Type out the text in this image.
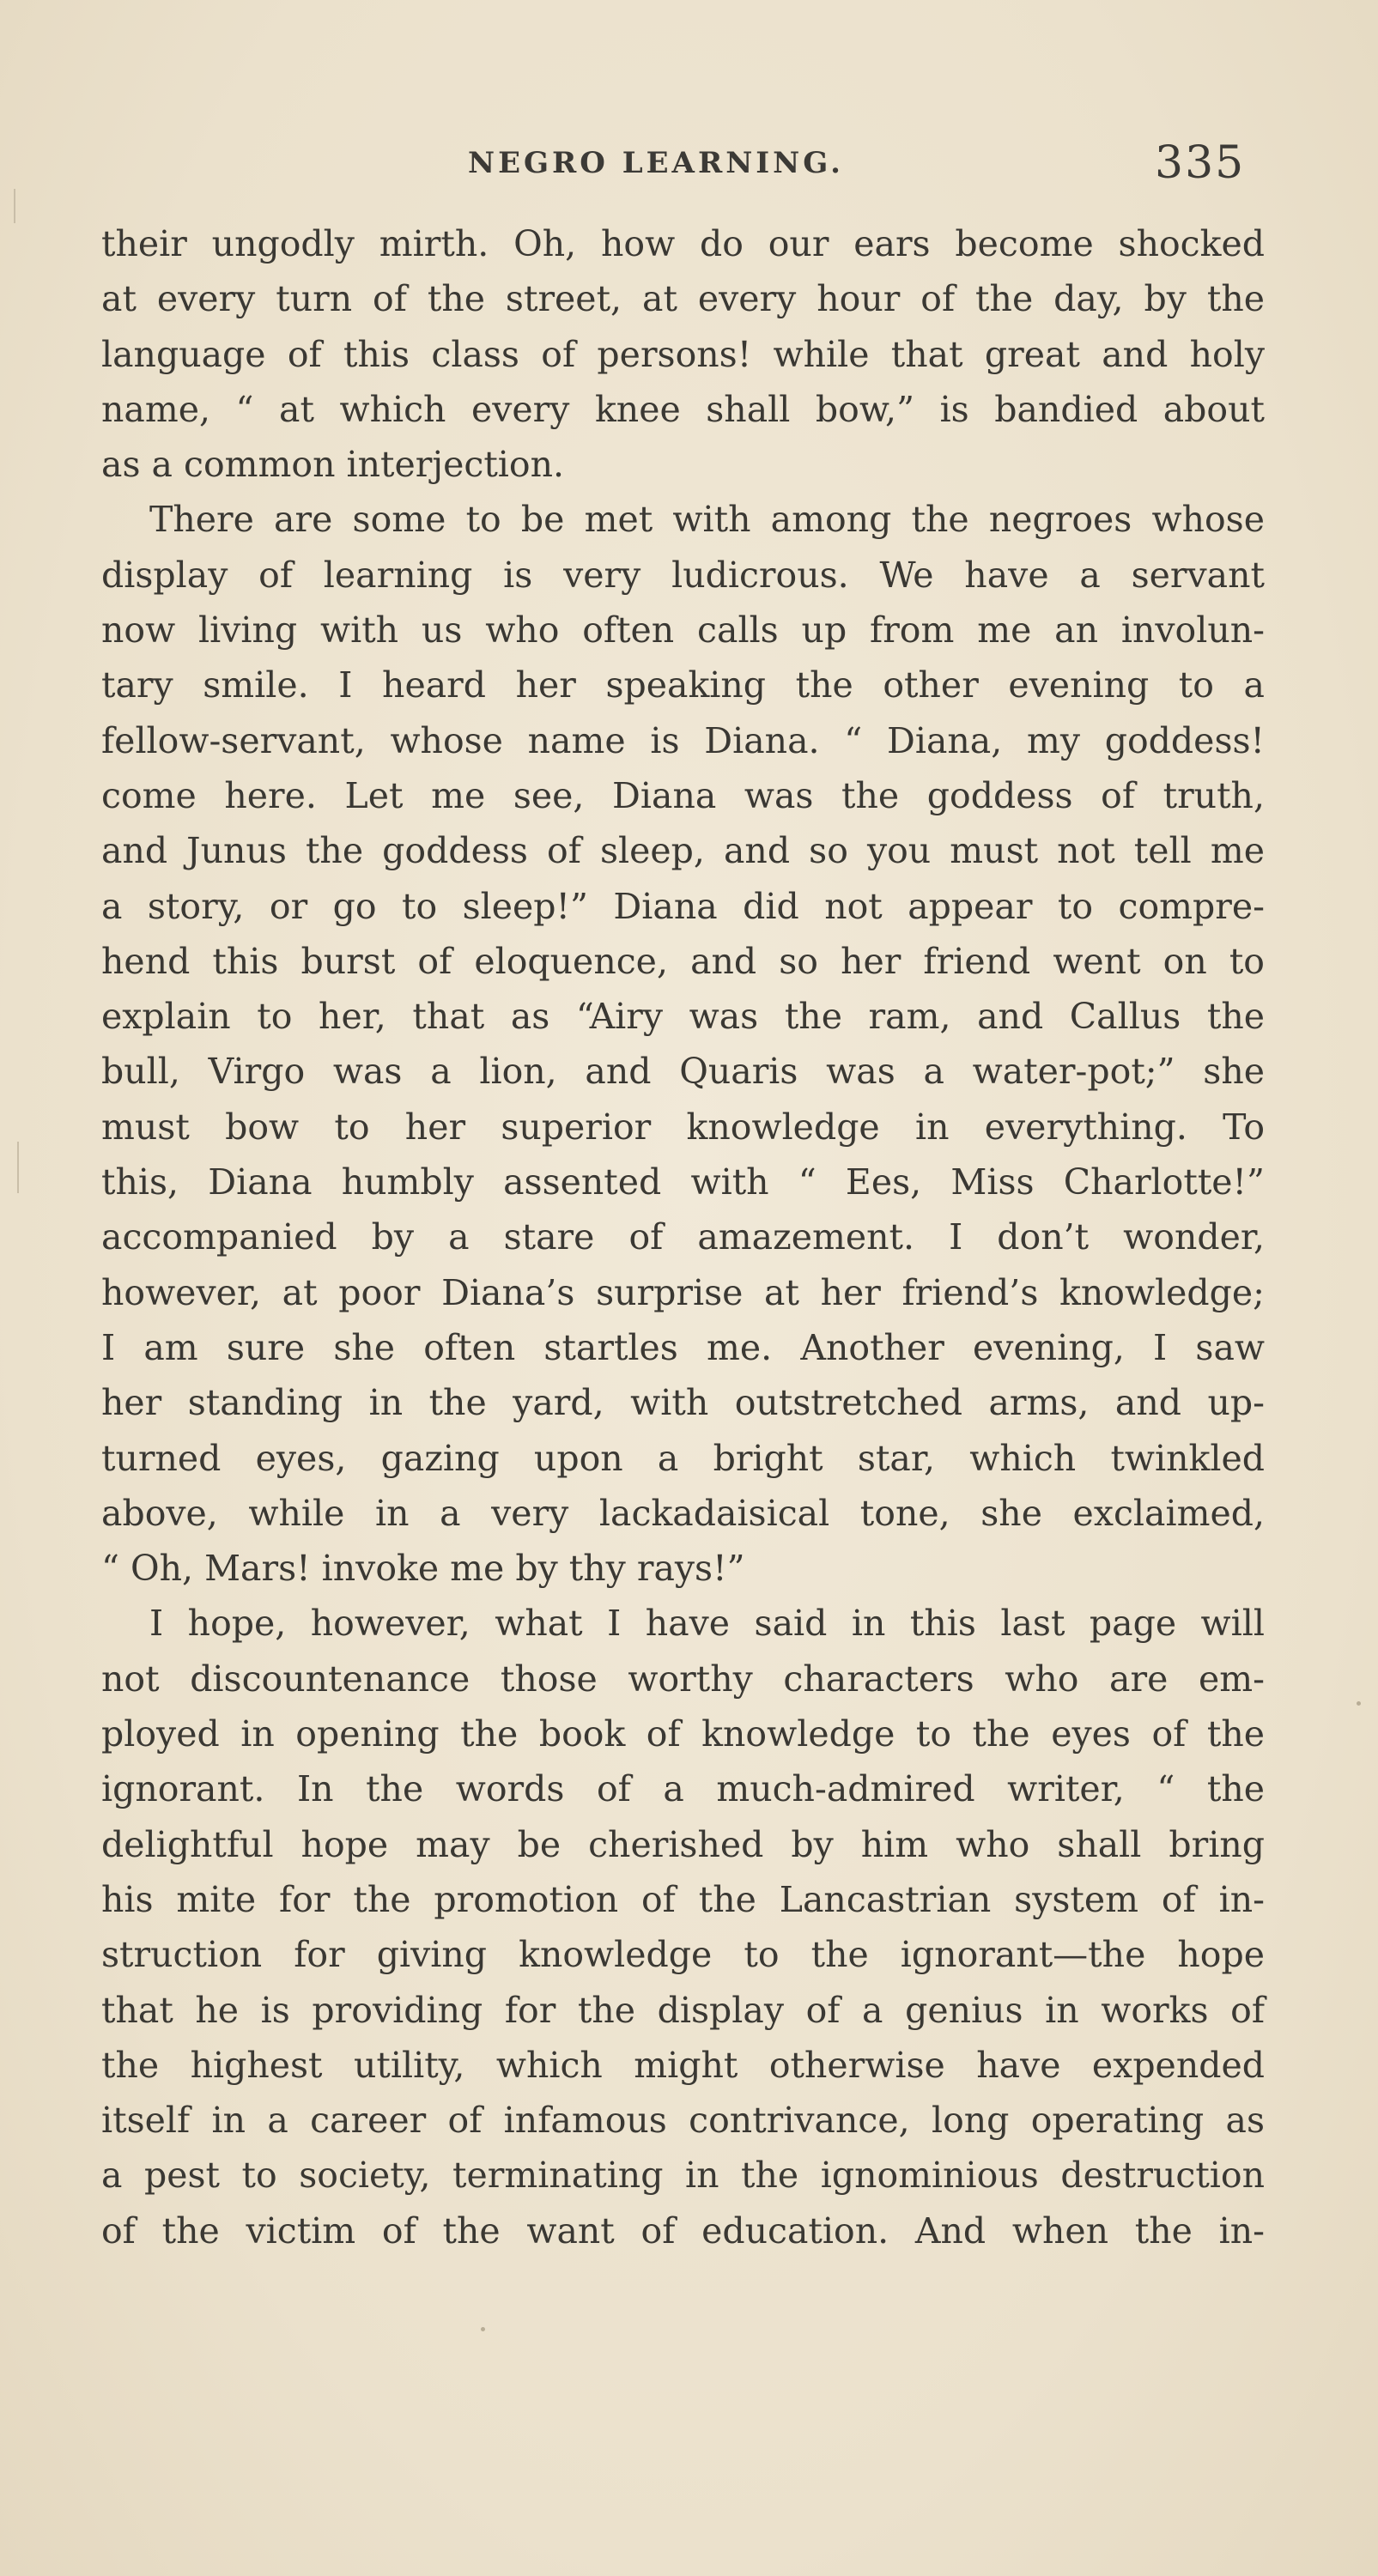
NEGRO LEARNING.	335
their ungodly mirth. Oh, how do our ears become shocked
at every turn of the street, at every hour of the day, by the
language of this class of persons! while that great and holy
name, “ at which every knee shall bow,” is bandied about
as a common interjection.
There are some to be met with among the negroes whose
display of learning is very ludicrous. We have a servant
now living with us who often calls up from me an involun-
tary smile. I heard her speaking the other evening to a
fellow-servant, whose name is Diana. “ Diana, my goddess!
come here. Let me see, Diana was the goddess of truth,
and Junus the goddess of sleep, and so you must not tell me
a story, or go to sleep!” Diana did not appear to compre-
hend this burst of eloquence, and so her friend went on to
explain to her, that as “Airy was the ram, and Callus the
bull, Virgo was a lion, and Quaris was a water-pot;” she
must bow to her superior knowledge in everything. To
this, Diana humbly assented with “ Ees, Miss Charlotte!”
accompanied by a stare of amazement. I don’t wonder,
however, at poor Diana’s surprise at her friend’s knowledge;
I am sure she often startles me. Another evening, I saw
her standing in the yard, with outstretched arms, and up-
turned eyes, gazing upon a bright star, which twinkled
above, while in a very lackadaisical tone, she exclaimed,
“ Oh, Mars! invoke me by thy rays!”
I hope, however, what I have said in this last page will
not discountenance those worthy characters who are em-
ployed in opening the book of knowledge to the eyes of the
ignorant. In the words of a much-admired writer, “ the
delightful hope may be cherished by him who shall bring
his mite for the promotion of the Lancastrian system of in-
struction for giving knowledge to the ignorant—the hope
that he is providing for the display of a genius in works of
the highest utility, which might otherwise have expended
itself in a career of infamous contrivance, long operating as
a pest to society, terminating in the ignominious destruction
of the victim of the want of education. And when the in-
